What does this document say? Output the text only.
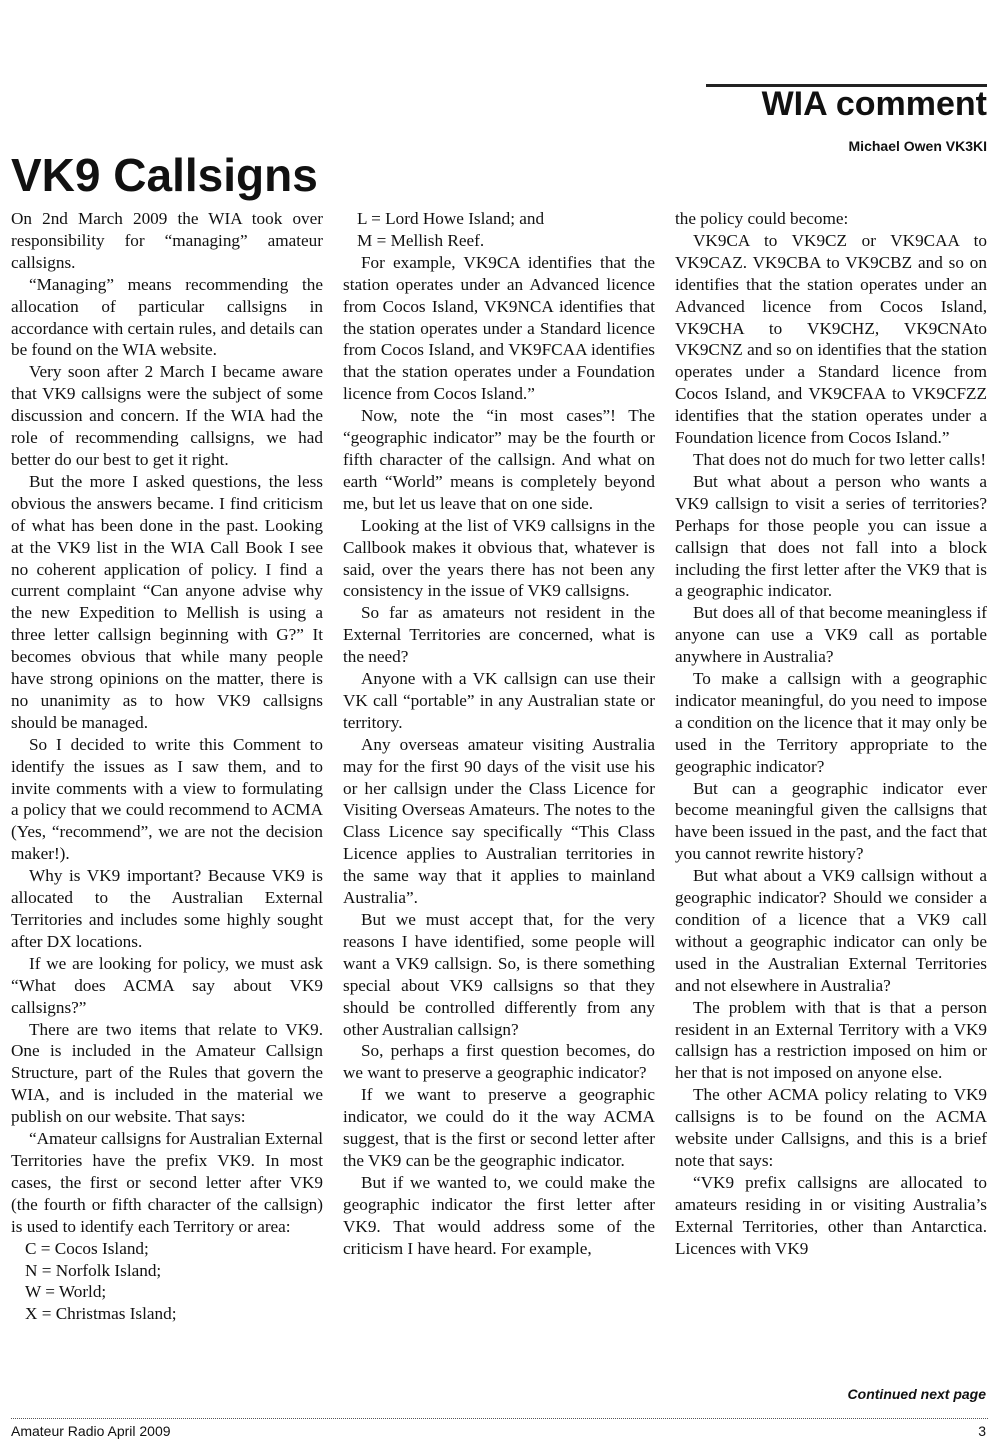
WIA comment
Michael Owen VK3KI
VK9 Callsigns

On 2nd March 2009 the WIA took over responsibility for “managing” amateur callsigns.

“Managing” means recommending the allocation of particular callsigns in accordance with certain rules, and details can be found on the WIA website.

Very soon after 2 March I became aware that VK9 callsigns were the subject of some discussion and concern. If the WIA had the role of recommending callsigns, we had better do our best to get it right.

But the more I asked questions, the less obvious the answers became. I find criticism of what has been done in the past. Looking at the VK9 list in the WIA Call Book I see no coherent application of policy. I find a current complaint “Can anyone advise why the new Expedition to Mellish is using a three letter callsign beginning with G?” It becomes obvious that while many people have strong opinions on the matter, there is no unanimity as to how VK9 callsigns should be managed.

So I decided to write this Comment to identify the issues as I saw them, and to invite comments with a view to formulating a policy that we could recommend to ACMA (Yes, “recommend”, we are not the decision maker!).

Why is VK9 important? Because VK9 is allocated to the Australian External Territories and includes some highly sought after DX locations.

If we are looking for policy, we must ask “What does ACMA say about VK9 callsigns?”

There are two items that relate to VK9. One is included in the Amateur Callsign Structure, part of the Rules that govern the WIA, and is included in the material we publish on our website. That says:

“Amateur callsigns for Australian External Territories have the prefix VK9. In most cases, the first or second letter after VK9 (the fourth or fifth character of the callsign) is used to identify each Territory or area:

C = Cocos Island;

N = Norfolk Island;

W = World;

X = Christmas Island;

L = Lord Howe Island; and

M = Mellish Reef.

For example, VK9CA identifies that the station operates under an Advanced licence from Cocos Island, VK9NCA identifies that the station operates under a Standard licence from Cocos Island, and VK9FCAA identifies that the station operates under a Foundation licence from Cocos Island.”

Now, note the “in most cases”! The “geographic indicator” may be the fourth or fifth character of the callsign. And what on earth “World” means is completely beyond me, but let us leave that on one side.

Looking at the list of VK9 callsigns in the Callbook makes it obvious that, whatever is said, over the years there has not been any consistency in the issue of VK9 callsigns.

So far as amateurs not resident in the External Territories are concerned, what is the need?

Anyone with a VK callsign can use their VK call “portable” in any Australian state or territory.

Any overseas amateur visiting Australia may for the first 90 days of the visit use his or her callsign under the Class Licence for Visiting Overseas Amateurs. The notes to the Class Licence say specifically “This Class Licence applies to Australian territories in the same way that it applies to mainland Australia”.

But we must accept that, for the very reasons I have identified, some people will want a VK9 callsign. So, is there something special about VK9 callsigns so that they should be controlled differently from any other Australian callsign?

So, perhaps a first question becomes, do we want to preserve a geographic indicator?

If we want to preserve a geographic indicator, we could do it the way ACMA suggest, that is the first or second letter after the VK9 can be the geographic indicator.

But if we wanted to, we could make the geographic indicator the first letter after VK9. That would address some of the criticism I have heard. For example,

the policy could become:

VK9CA to VK9CZ or VK9CAA to VK9CAZ. VK9CBA to VK9CBZ and so on identifies that the station operates under an Advanced licence from Cocos Island, VK9CHA to VK9CHZ, VK9CNAto VK9CNZ and so on identifies that the station operates under a Standard licence from Cocos Island, and VK9CFAA to VK9CFZZ identifies that the station operates under a Foundation licence from Cocos Island.”

That does not do much for two letter calls!

But what about a person who wants a VK9 callsign to visit a series of territories? Perhaps for those people you can issue a callsign that does not fall into a block including the first letter after the VK9 that is a geographic indicator.

But does all of that become meaningless if anyone can use a VK9 call as portable anywhere in Australia?

To make a callsign with a geographic indicator meaningful, do you need to impose a condition on the licence that it may only be used in the Territory appropriate to the geographic indicator?

But can a geographic indicator ever become meaningful given the callsigns that have been issued in the past, and the fact that you cannot rewrite history?

But what about a VK9 callsign without a geographic indicator? Should we consider a condition of a licence that a VK9 call without a geographic indicator can only be used in the Australian External Territories and not elsewhere in Australia?

The problem with that is that a person resident in an External Territory with a VK9 callsign has a restriction imposed on him or her that is not imposed on anyone else.

The other ACMA policy relating to VK9 callsigns is to be found on the ACMA website under Callsigns, and this is a brief note that says:

“VK9 prefix callsigns are allocated to amateurs residing in or visiting Australia’s External Territories, other than Antarctica. Licences with VK9

Continued next page
Amateur Radio April 2009	3
